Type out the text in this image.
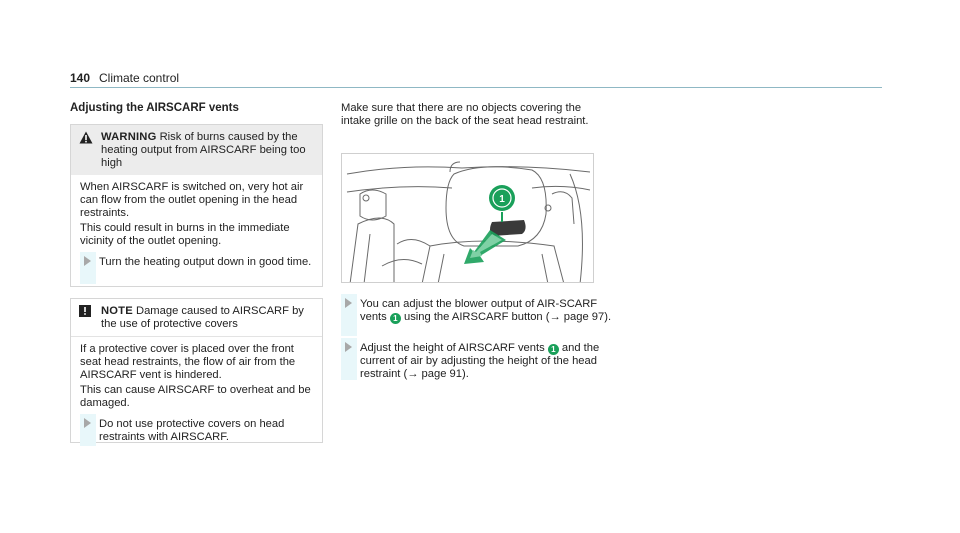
140 Climate control
Adjusting the AIRSCARF vents
WARNING Risk of burns caused by the heating output from AIRSCARF being too high

When AIRSCARF is switched on, very hot air can flow from the outlet opening in the head restraints.

This could result in burns in the immediate vicinity of the outlet opening.

Turn the heating output down in good time.
NOTE Damage caused to AIRSCARF by the use of protective covers

If a protective cover is placed over the front seat head restraints, the flow of air from the AIRSCARF vent is hindered.

This can cause AIRSCARF to overheat and be damaged.

Do not use protective covers on head restraints with AIRSCARF.
Make sure that there are no objects covering the intake grille on the back of the seat head restraint.
1
You can adjust the blower output of AIR-SCARF vents 1 using the AIRSCARF button (→ page 97).
Adjust the height of AIRSCARF vents 1 and the current of air by adjusting the height of the head restraint (→ page 91).
